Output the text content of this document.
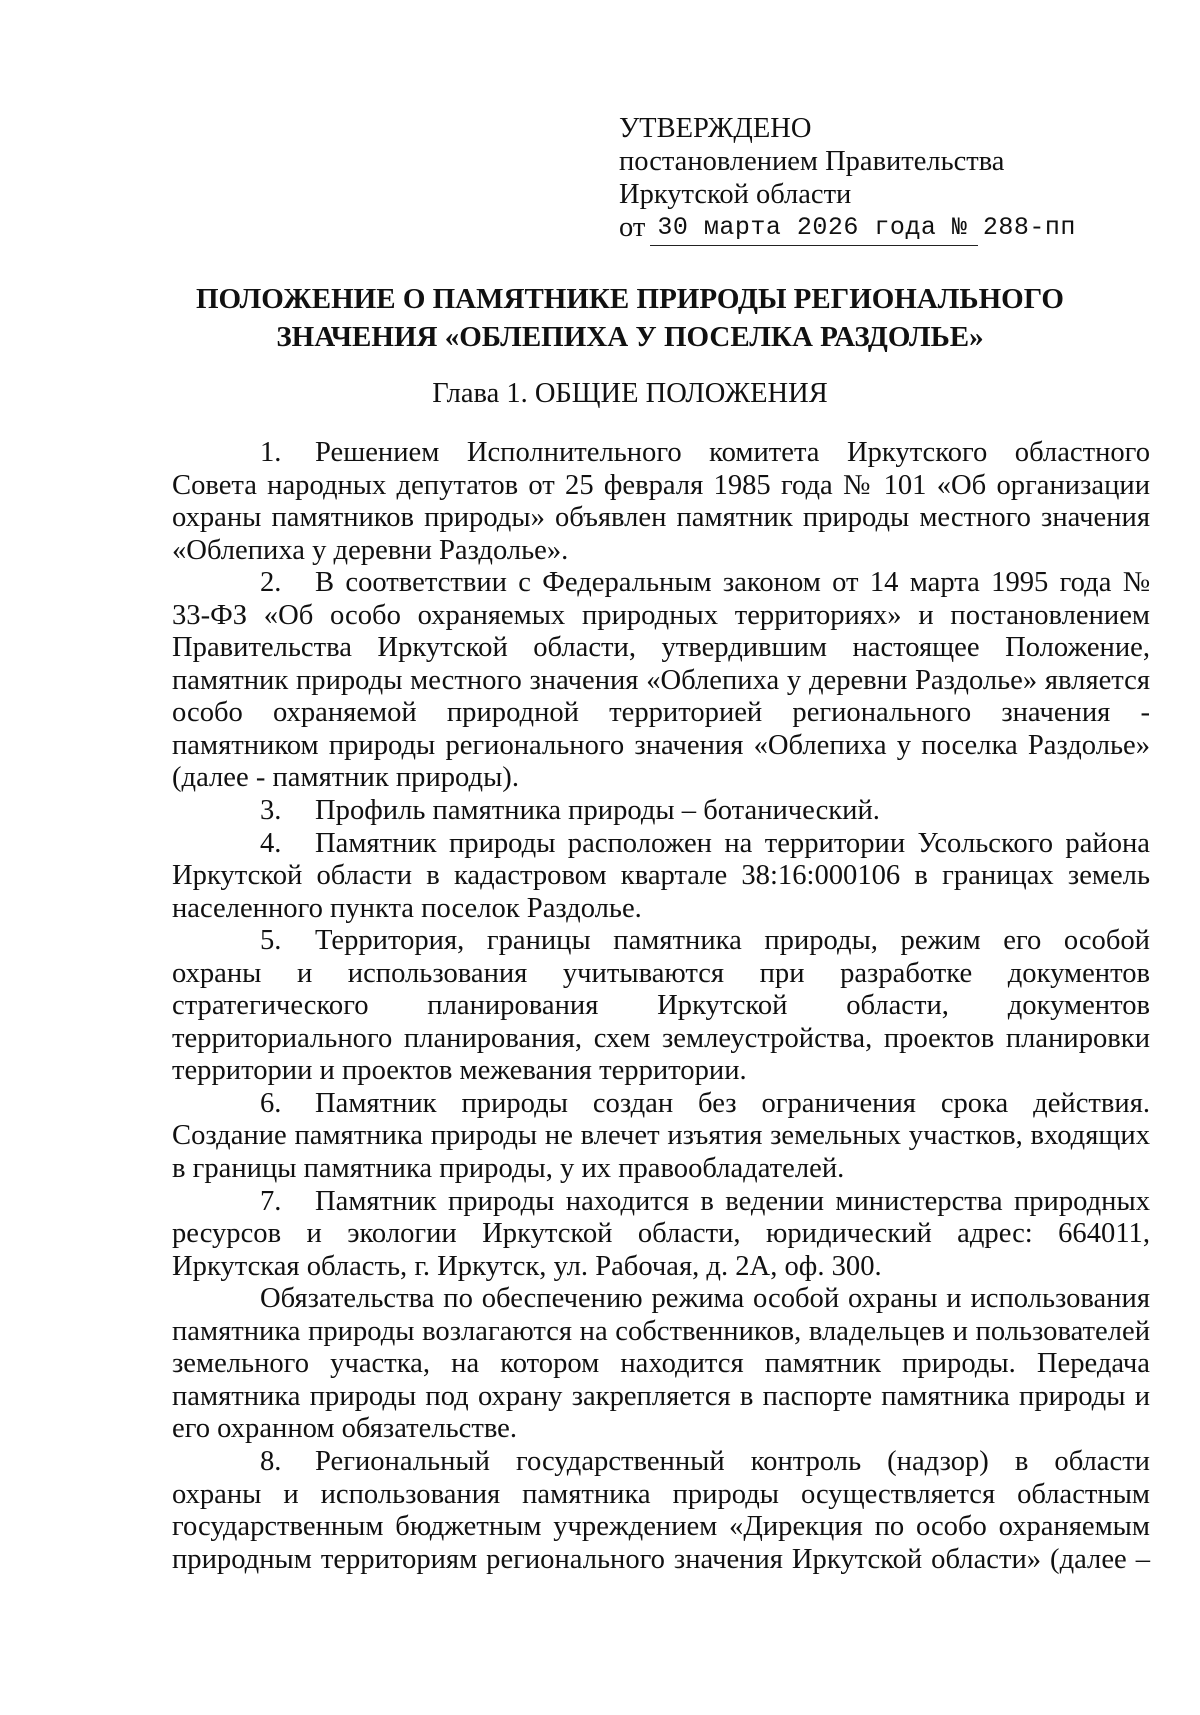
УТВЕРЖДЕНО
постановлением Правительства
Иркутской области
от 30 марта 2026 года № 288-пп
ПОЛОЖЕНИЕ О ПАМЯТНИКЕ ПРИРОДЫ РЕГИОНАЛЬНОГО
ЗНАЧЕНИЯ «ОБЛЕПИХА У ПОСЕЛКА РАЗДОЛЬЕ»
Глава 1. ОБЩИЕ ПОЛОЖЕНИЯ

1. Решением Исполнительного комитета Иркутского областного Совета народных депутатов от 25 февраля 1985 года № 101 «Об организации охраны памятников природы» объявлен памятник природы местного значения «Облепиха у деревни Раздолье».

2. В соответствии с Федеральным законом от 14 марта 1995 года № 33-ФЗ «Об особо охраняемых природных территориях» и постановлением Правительства Иркутской области, утвердившим настоящее Положение, памятник природы местного значения «Облепиха у деревни Раздолье» является особо охраняемой природной территорией регионального значения - памятником природы регионального значения «Облепиха у поселка Раздолье» (далее - памятник природы).

3. Профиль памятника природы – ботанический.

4. Памятник природы расположен на территории Усольского района Иркутской области в кадастровом квартале 38:16:000106 в границах земель населенного пункта поселок Раздолье.

5. Территория, границы памятника природы, режим его особой охраны и использования учитываются при разработке документов стратегического планирования Иркутской области, документов территориального планирования, схем землеустройства, проектов планировки территории и проектов межевания территории.

6. Памятник природы создан без ограничения срока действия. Создание памятника природы не влечет изъятия земельных участков, входящих в границы памятника природы, у их правообладателей.

7. Памятник природы находится в ведении министерства природных ресурсов и экологии Иркутской области, юридический адрес: 664011, Иркутская область, г. Иркутск, ул. Рабочая, д. 2А, оф. 300.

Обязательства по обеспечению режима особой охраны и использования памятника природы возлагаются на собственников, владельцев и пользователей земельного участка, на котором находится памятник природы. Передача памятника природы под охрану закрепляется в паспорте памятника природы и его охранном обязательстве.

8. Региональный государственный контроль (надзор) в области охраны и использования памятника природы осуществляется областным государственным бюджетным учреждением «Дирекция по особо охраняемым природным территориям регионального значения Иркутской области» (далее –
